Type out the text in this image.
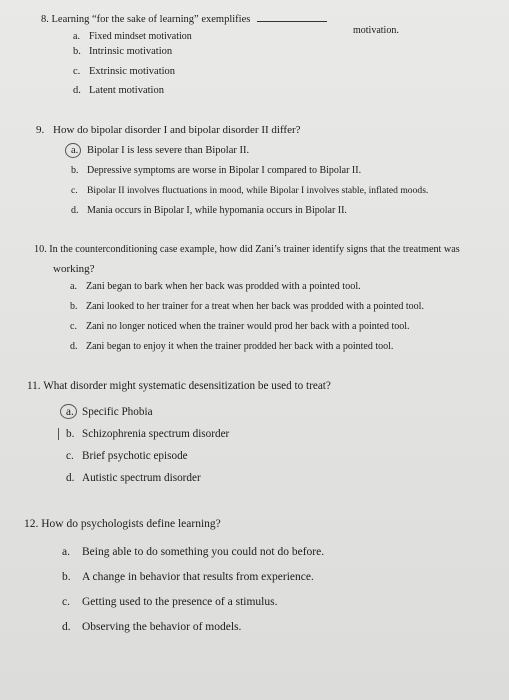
8. Learning “for the sake of learning” exemplifies
motivation.
a. Fixed mindset motivation
b. Intrinsic motivation
c. Extrinsic motivation
d. Latent motivation
9. How do bipolar disorder I and bipolar disorder II differ?
a. Bipolar I is less severe than Bipolar II.
b. Depressive symptoms are worse in Bipolar I compared to Bipolar II.
c. Bipolar II involves fluctuations in mood, while Bipolar I involves stable, inflated moods.
d. Mania occurs in Bipolar I, while hypomania occurs in Bipolar II.
10. In the counterconditioning case example, how did Zani’s trainer identify signs that the treatment was
working?
a. Zani began to bark when her back was prodded with a pointed tool.
b. Zani looked to her trainer for a treat when her back was prodded with a pointed tool.
c. Zani no longer noticed when the trainer would prod her back with a pointed tool.
d. Zani began to enjoy it when the trainer prodded her back with a pointed tool.
11. What disorder might systematic desensitization be used to treat?
a. Specific Phobia
b. Schizophrenia spectrum disorder
c. Brief psychotic episode
d. Autistic spectrum disorder
12. How do psychologists define learning?
a. Being able to do something you could not do before.
b. A change in behavior that results from experience.
c. Getting used to the presence of a stimulus.
d. Observing the behavior of models.
